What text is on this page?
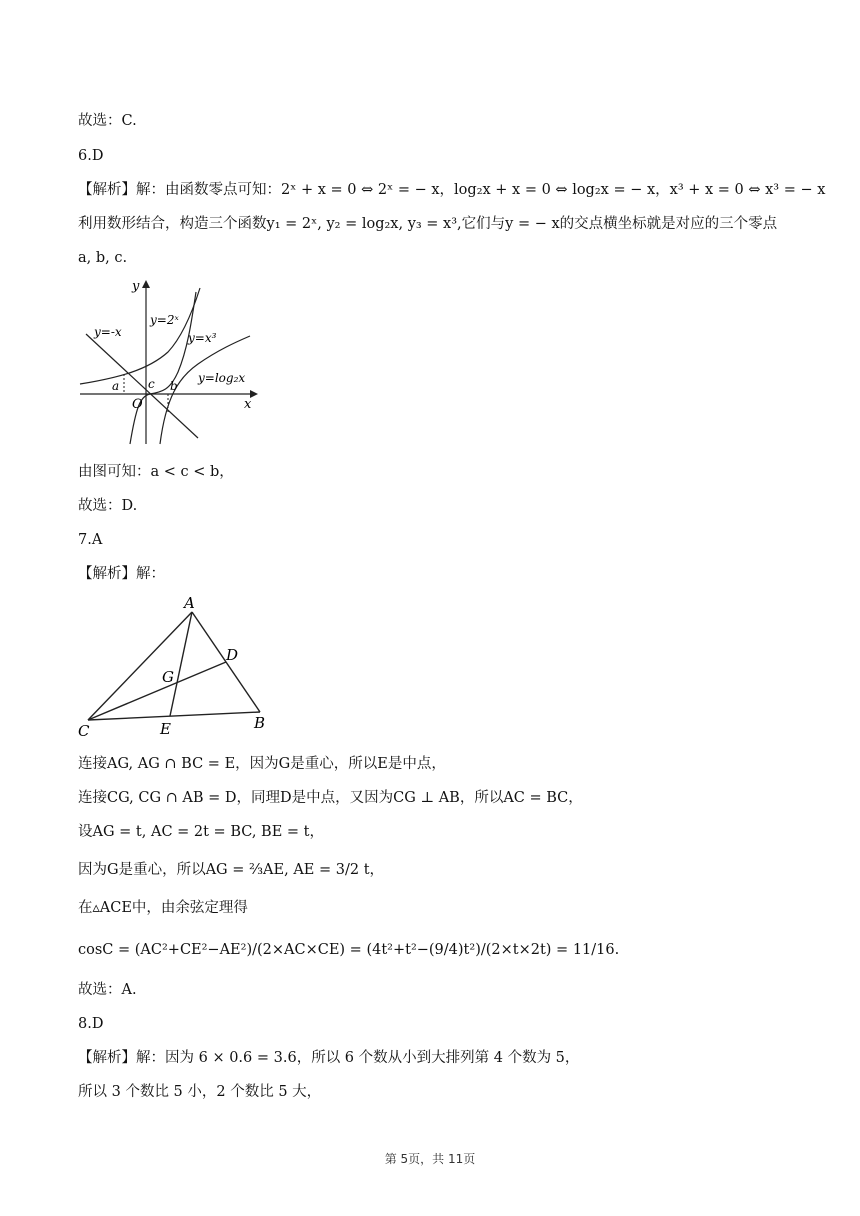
故选：C.
6.D
【解析】解：由函数零点可知：2ˣ + x = 0 ⇔ 2ˣ = − x，log₂x + x = 0 ⇔ log₂x = − x，x³ + x = 0 ⇔ x³ = − x
利用数形结合，构造三个函数y₁ = 2ˣ, y₂ = log₂x, y₃ = x³,它们与y = − x的交点横坐标就是对应的三个零点
a, b, c.
y
x
O
y=-x
y=2ˣ
y=x³
y=log₂x
a	b
c
由图可知：a < c < b，
故选：D.
7.A
【解析】解：
A
B
C
D
E
G
连接AG, AG ∩ BC = E，因为G是重心，所以E是中点，
连接CG, CG ∩ AB = D，同理D是中点，又因为CG ⊥ AB，所以AC = BC，
设AG = t, AC = 2t = BC, BE = t，
因为G是重心，所以AG = ⅔AE, AE = 3/2 t，
在▵ACE中，由余弦定理得
cosC = (AC²+CE²−AE²)/(2×AC×CE) = (4t²+t²−(9/4)t²)/(2×t×2t) = 11/16.
故选：A.
8.D
【解析】解：因为 6 × 0.6 = 3.6，所以 6 个数从小到大排列第 4 个数为 5，
所以 3 个数比 5 小，2 个数比 5 大，
第 5页，共 11页
